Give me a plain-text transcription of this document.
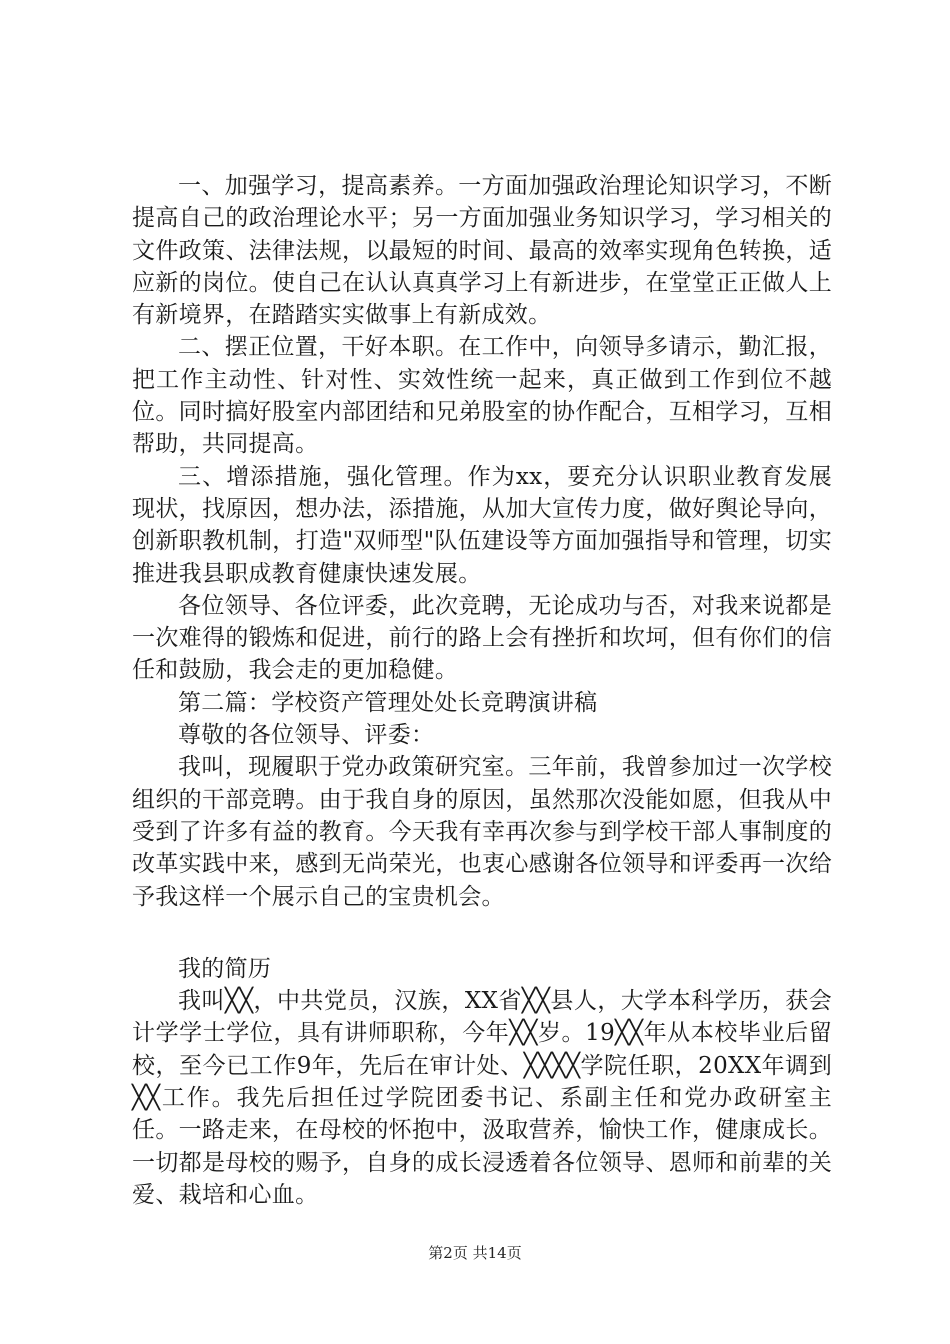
一、加强学习，提高素养。一方面加强政治理论知识学习，不断提高自己的政治理论水平；另一方面加强业务知识学习，学习相关的文件政策、法律法规，以最短的时间、最高的效率实现角色转换，适应新的岗位。使自己在认认真真学习上有新进步，在堂堂正正做人上有新境界，在踏踏实实做事上有新成效。

二、摆正位置，干好本职。在工作中，向领导多请示，勤汇报，把工作主动性、针对性、实效性统一起来，真正做到工作到位不越位。同时搞好股室内部团结和兄弟股室的协作配合，互相学习，互相帮助，共同提高。

三、增添措施，强化管理。作为xx，要充分认识职业教育发展现状，找原因，想办法，添措施，从加大宣传力度，做好舆论导向，创新职教机制，打造"双师型"队伍建设等方面加强指导和管理，切实推进我县职成教育健康快速发展。

各位领导、各位评委，此次竞聘，无论成功与否，对我来说都是一次难得的锻炼和促进，前行的路上会有挫折和坎坷，但有你们的信任和鼓励，我会走的更加稳健。

第二篇：学校资产管理处处长竞聘演讲稿

尊敬的各位领导、评委：

我叫，现履职于党办政策研究室。三年前，我曾参加过一次学校组织的干部竞聘。由于我自身的原因，虽然那次没能如愿，但我从中受到了许多有益的教育。今天我有幸再次参与到学校干部人事制度的改革实践中来，感到无尚荣光，也衷心感谢各位领导和评委再一次给予我这样一个展示自己的宝贵机会。

我的简历

我叫╳╳，中共党员，汉族，XX省╳╳县人，大学本科学历，获会计学学士学位，具有讲师职称，今年╳╳岁。19╳╳年从本校毕业后留校，至今已工作9年，先后在审计处、╳╳╳╳学院任职，20XX年调到╳╳工作。我先后担任过学院团委书记、系副主任和党办政研室主任。一路走来，在母校的怀抱中，汲取营养，愉快工作，健康成长。一切都是母校的赐予，自身的成长浸透着各位领导、恩师和前辈的关爱、栽培和心血。

第2页 共14页
